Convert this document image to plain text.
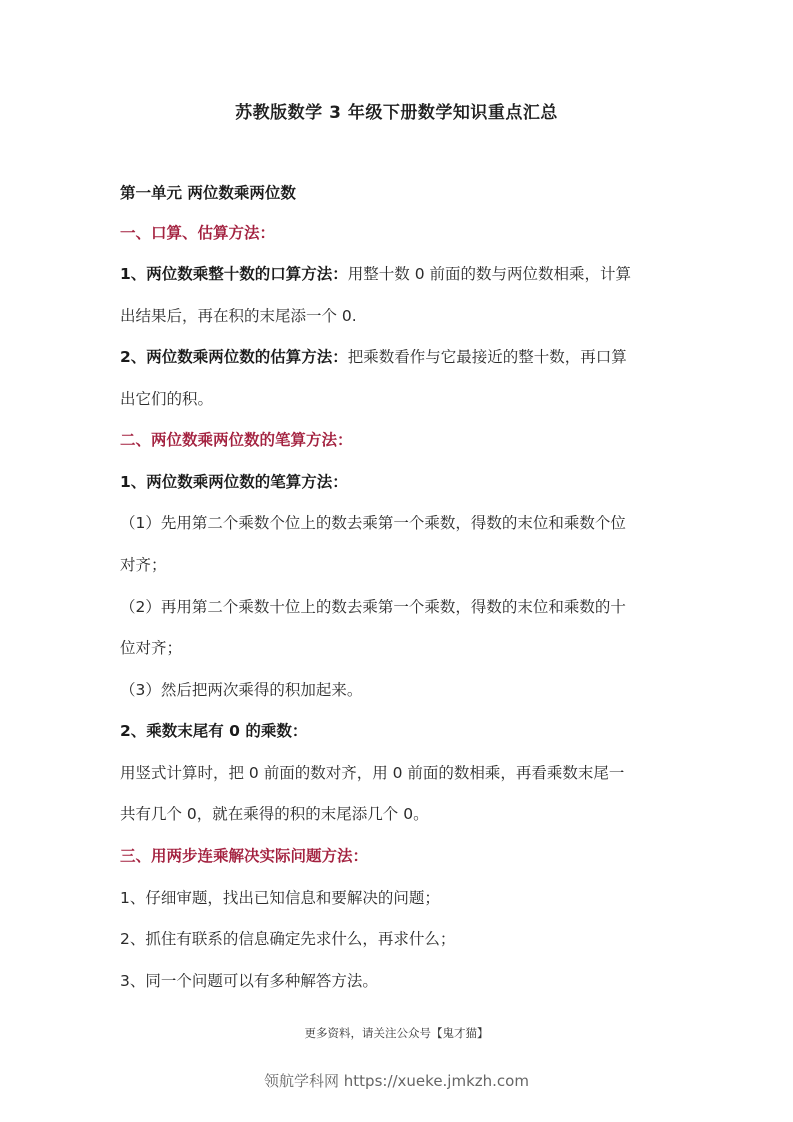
苏教版数学 3 年级下册数学知识重点汇总
第一单元 两位数乘两位数
一、口算、估算方法：
1、两位数乘整十数的口算方法：用整十数 0 前面的数与两位数相乘，计算
出结果后，再在积的末尾添一个 0.
2、两位数乘两位数的估算方法：把乘数看作与它最接近的整十数，再口算
出它们的积。
二、两位数乘两位数的笔算方法：
1、两位数乘两位数的笔算方法：
（1）先用第二个乘数个位上的数去乘第一个乘数，得数的末位和乘数个位
对齐；
（2）再用第二个乘数十位上的数去乘第一个乘数，得数的末位和乘数的十
位对齐；
（3）然后把两次乘得的积加起来。
2、乘数末尾有 0 的乘数：
用竖式计算时，把 0 前面的数对齐，用 0 前面的数相乘，再看乘数末尾一
共有几个 0，就在乘得的积的末尾添几个 0。
三、用两步连乘解决实际问题方法：
1、仔细审题，找出已知信息和要解决的问题；
2、抓住有联系的信息确定先求什么，再求什么；
3、同一个问题可以有多种解答方法。
更多资料，请关注公众号【鬼才猫】
领航学科网 https://xueke.jmkzh.com
